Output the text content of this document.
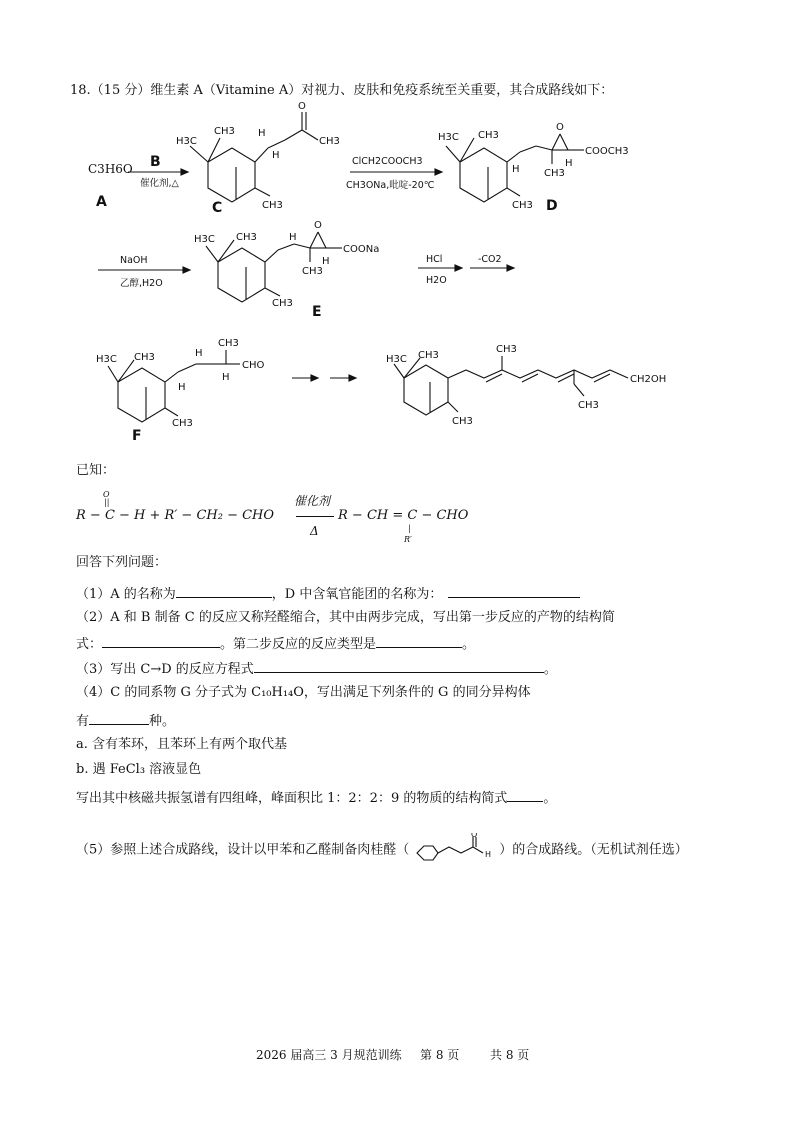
18.（15 分）维生素 A（Vitamine A）对视力、皮肤和免疫系统至关重要，其合成路线如下：
C3H6O
A
B
催化剂,△
H3C
CH3
CH3
O
CH3
H
H
C
ClCH2COOCH3
CH3ONa,吡啶-20℃
H3C CH3
CH3
O
COOCH3
CH3
H
H
D
NaOH
乙醇,H2O
H3C CH3
CH3
O
COONa
CH3
H
H
E
HCl
H2O
-CO2
H3C CH3
CH3
CH3
CHO
H
H
H
F
H3C CH3
CH3
CH3
CH3
CH2OH
已知：
O
||
R − C − H + R′ − CH₂ − CHO
催化剂
Δ
R − CH = C − CHO
|
R′
回答下列问题：
（1）A 的名称为	，D 中含氧官能团的名称为：
（2）A 和 B 制备 C 的反应又称羟醛缩合，其中由两步完成，写出第一步反应的产物的结构简
式：	。第二步反应的反应类型是	。
（3）写出 C→D 的反应方程式	。
（4）C 的同系物 G 分子式为 C₁₀H₁₄O，写出满足下列条件的 G 的同分异构体
有	种。
a. 含有苯环，且苯环上有两个取代基
b. 遇 FeCl₃ 溶液显色
写出其中核磁共振氢谱有四组峰，峰面积比 1：2：2：9 的物质的结构简式	。
（5）参照上述合成路线，设计以甲苯和乙醛制备肉桂醛（
O
H ）的合成路线。（无机试剂任选）
2026 届高三 3 月规范训练 第 8 页	共 8 页
